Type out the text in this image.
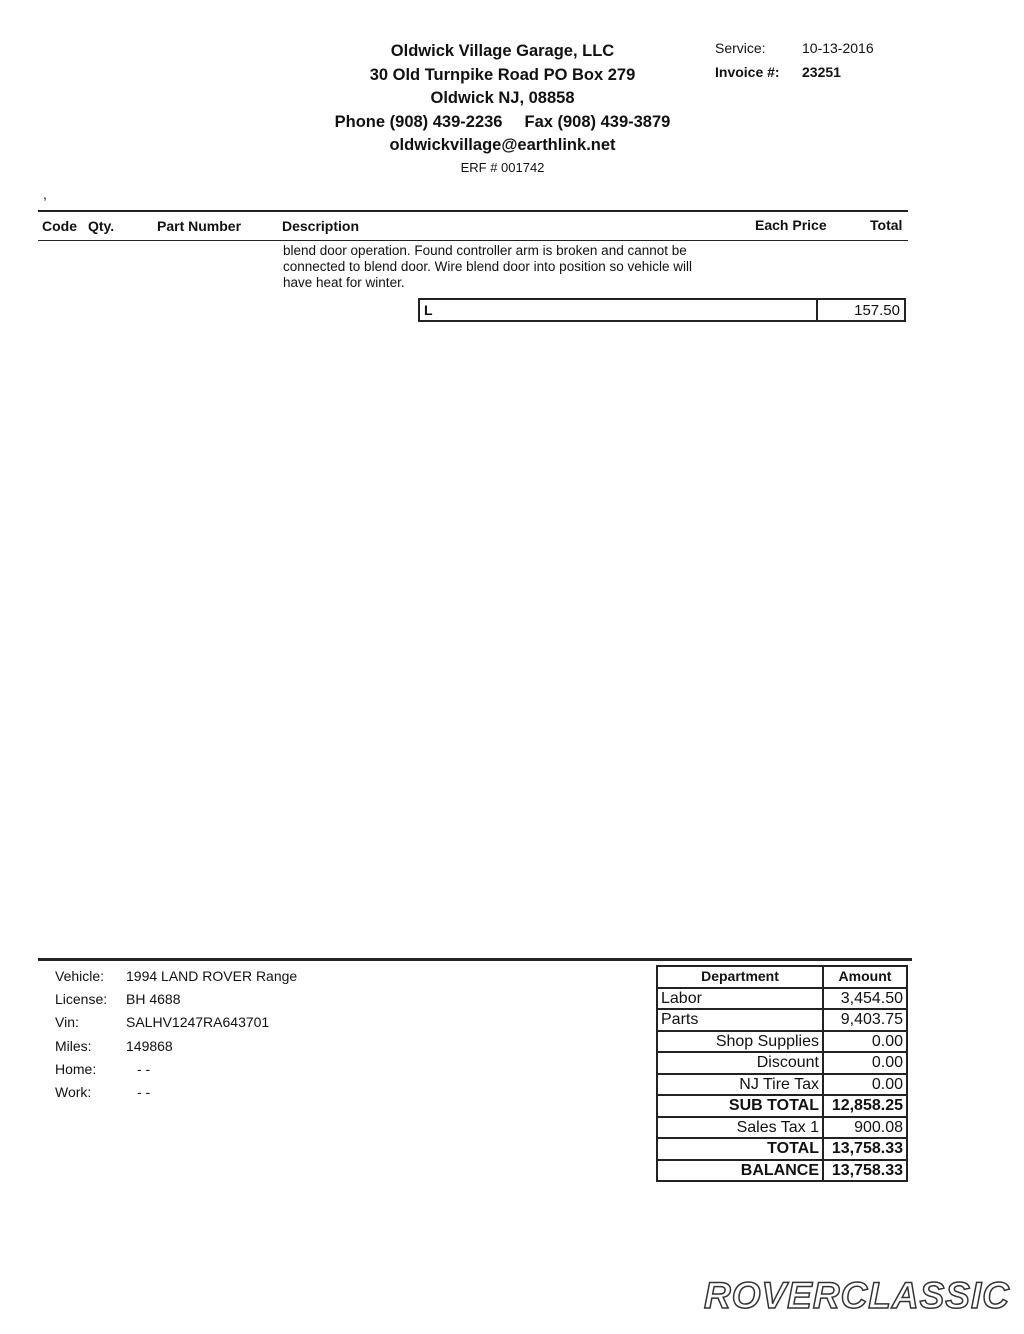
Oldwick Village Garage, LLC
30 Old Turnpike Road PO Box 279
Oldwick NJ, 08858
Phone (908) 439-2236 Fax (908) 439-3879
oldwickvillage@earthlink.net
ERF # 001742
Service:	10-13-2016
Invoice #: 23251
,
Code Qty.	Part Number	Description	Each Price	Total
blend door operation. Found controller arm is broken and cannot be
connected to blend door. Wire blend door into position so vehicle will
have heat for winter.
L	157.50
Vehicle: 1994 LAND ROVER Range
License: BH 4688
Vin:	SALHV1247RA643701
Miles: 149868
Home:	- -
Work:	- -
Department	Amount
Labor	3,454.50
Parts	9,403.75
Shop Supplies	0.00
Discount	0.00
NJ Tire Tax	0.00
SUB TOTAL	12,858.25
Sales Tax 1	900.08
TOTAL	13,758.33
BALANCE	13,758.33
ROVERCLASSIC
